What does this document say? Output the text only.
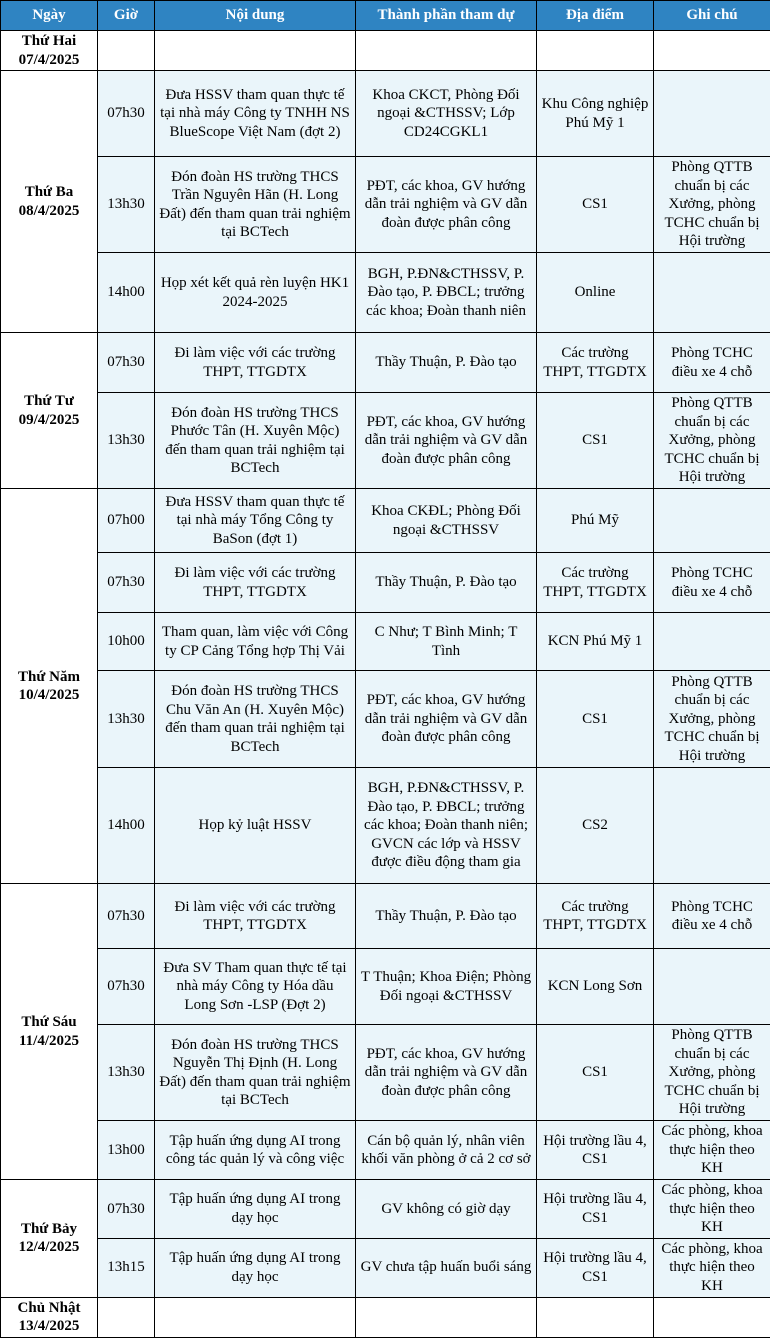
Ngày	Giờ	Nội dung	Thành phần tham dự	Địa điểm	Ghi chú
Thứ Hai
07/4/2025					
Thứ Ba
08/4/2025	07h30	Đưa HSSV tham quan thực tế tại nhà máy Công ty TNHH NS BlueScope Việt Nam (đợt 2)	Khoa CKCT, Phòng Đối ngoại &CTHSSV; Lớp CD24CGKL1	Khu Công nghiệp Phú Mỹ 1	
	13h30	Đón đoàn HS trường THCS Trần Nguyên Hãn (H. Long Đất) đến tham quan trải nghiệm tại BCTech	PĐT, các khoa, GV hướng dẫn trải nghiệm và GV dẫn đoàn được phân công	CS1	Phòng QTTB chuẩn bị các Xưởng, phòng TCHC chuẩn bị Hội trường
	14h00	Họp xét kết quả rèn luyện HK1 2024-2025	BGH, P.ĐN&CTHSSV, P. Đào tạo, P. ĐBCL; trưởng các khoa; Đoàn thanh niên	Online	
Thứ Tư
09/4/2025	07h30	Đi làm việc với các trường THPT, TTGDTX	Thầy Thuận, P. Đào tạo	Các trường THPT, TTGDTX	Phòng TCHC điều xe 4 chỗ
	13h30	Đón đoàn HS trường THCS Phước Tân (H. Xuyên Mộc) đến tham quan trải nghiệm tại BCTech	PĐT, các khoa, GV hướng dẫn trải nghiệm và GV dẫn đoàn được phân công	CS1	Phòng QTTB chuẩn bị các Xưởng, phòng TCHC chuẩn bị Hội trường
Thứ Năm
10/4/2025	07h00	Đưa HSSV tham quan thực tế tại nhà máy Tổng Công ty BaSon (đợt 1)	Khoa CKĐL; Phòng Đối ngoại &CTHSSV	Phú Mỹ	
	07h30	Đi làm việc với các trường THPT, TTGDTX	Thầy Thuận, P. Đào tạo	Các trường THPT, TTGDTX	Phòng TCHC điều xe 4 chỗ
	10h00	Tham quan, làm việc với Công ty CP Cảng Tổng hợp Thị Vải	C Như; T Bình Minh; T Tình	KCN Phú Mỹ 1	
	13h30	Đón đoàn HS trường THCS Chu Văn An (H. Xuyên Mộc) đến tham quan trải nghiệm tại BCTech	PĐT, các khoa, GV hướng dẫn trải nghiệm và GV dẫn đoàn được phân công	CS1	Phòng QTTB chuẩn bị các Xưởng, phòng TCHC chuẩn bị Hội trường
	14h00	Họp kỷ luật HSSV	BGH, P.ĐN&CTHSSV, P. Đào tạo, P. ĐBCL; trưởng các khoa; Đoàn thanh niên; GVCN các lớp và HSSV được điều động tham gia	CS2	
Thứ Sáu
11/4/2025	07h30	Đi làm việc với các trường THPT, TTGDTX	Thầy Thuận, P. Đào tạo	Các trường THPT, TTGDTX	Phòng TCHC điều xe 4 chỗ
	07h30	Đưa SV Tham quan thực tế tại nhà máy Công ty Hóa dầu Long Sơn -LSP (Đợt 2)	T Thuận; Khoa Điện; Phòng Đối ngoại &CTHSSV	KCN Long Sơn	
	13h30	Đón đoàn HS trường THCS Nguyễn Thị Định (H. Long Đất) đến tham quan trải nghiệm tại BCTech	PĐT, các khoa, GV hướng dẫn trải nghiệm và GV dẫn đoàn được phân công	CS1	Phòng QTTB chuẩn bị các Xưởng, phòng TCHC chuẩn bị Hội trường
	13h00	Tập huấn ứng dụng AI trong công tác quản lý và công việc	Cán bộ quản lý, nhân viên khối văn phòng ở cả 2 cơ sở	Hội trường lầu 4, CS1	Các phòng, khoa thực hiện theo KH
Thứ Bảy
12/4/2025	07h30	Tập huấn ứng dụng AI trong dạy học	GV không có giờ dạy	Hội trường lầu 4, CS1	Các phòng, khoa thực hiện theo KH
	13h15	Tập huấn ứng dụng AI trong dạy học	GV chưa tập huấn buổi sáng	Hội trường lầu 4, CS1	Các phòng, khoa thực hiện theo KH
Chủ Nhật
13/4/2025					
